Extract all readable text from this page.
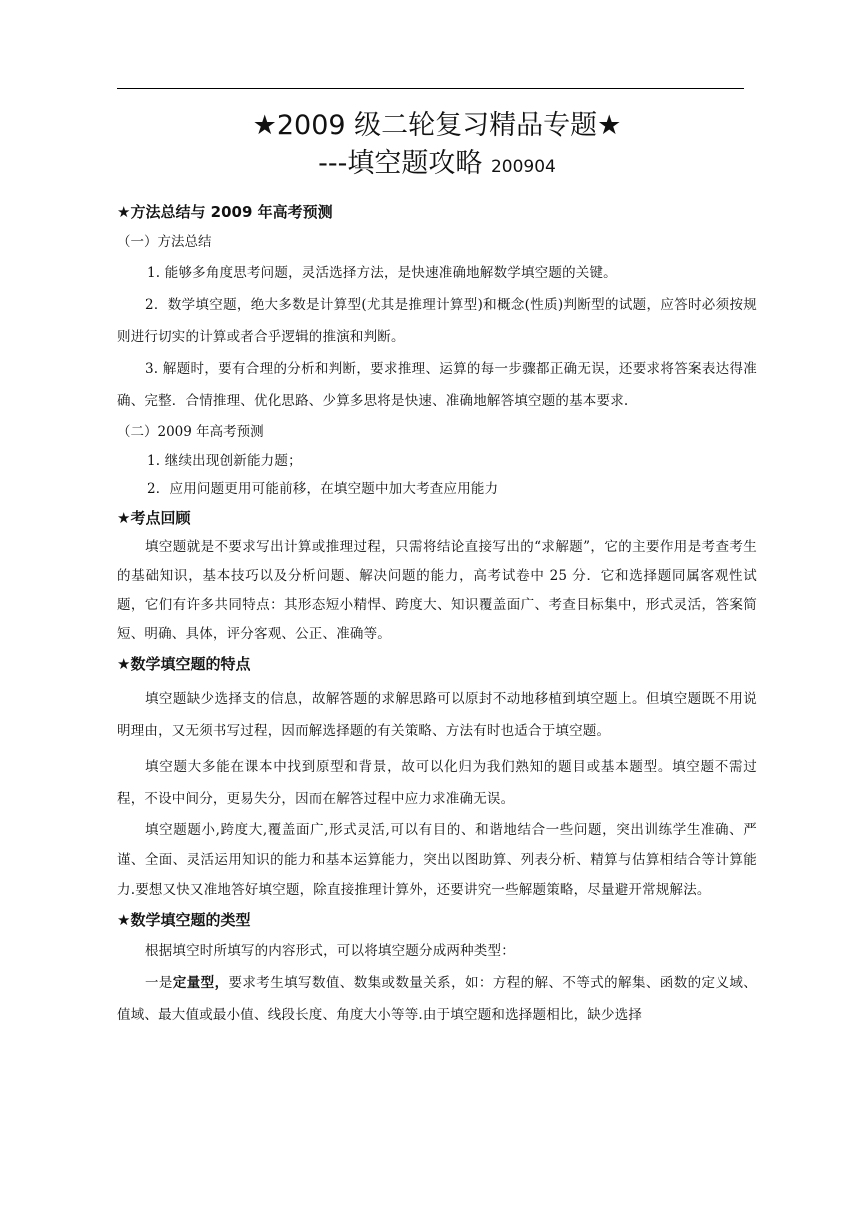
★2009 级二轮复习精品专题★
---填空题攻略 200904
★方法总结与 2009 年高考预测
（一）方法总结

1. 能够多角度思考问题，灵活选择方法，是快速准确地解数学填空题的关键。

2．数学填空题，绝大多数是计算型(尤其是推理计算型)和概念(性质)判断型的试题，应答时必须按规则进行切实的计算或者合乎逻辑的推演和判断。

3. 解题时，要有合理的分析和判断，要求推理、运算的每一步骤都正确无误，还要求将答案表达得准确、完整．合情推理、优化思路、少算多思将是快速、准确地解答填空题的基本要求.

（二）2009 年高考预测

1. 继续出现创新能力题；

2．应用问题更用可能前移，在填空题中加大考查应用能力

★考点回顾

填空题就是不要求写出计算或推理过程，只需将结论直接写出的“求解题”，它的主要作用是考查考生的基础知识，基本技巧以及分析问题、解决问题的能力，高考试卷中 25 分．它和选择题同属客观性试题，它们有许多共同特点：其形态短小精悍、跨度大、知识覆盖面广、考查目标集中，形式灵活，答案简短、明确、具体，评分客观、公正、准确等。

★数学填空题的特点

填空题缺少选择支的信息，故解答题的求解思路可以原封不动地移植到填空题上。但填空题既不用说明理由，又无须书写过程，因而解选择题的有关策略、方法有时也适合于填空题。

填空题大多能在课本中找到原型和背景，故可以化归为我们熟知的题目或基本题型。填空题不需过程，不设中间分，更易失分，因而在解答过程中应力求准确无误。

填空题题小,跨度大,覆盖面广,形式灵活,可以有目的、和谐地结合一些问题，突出训练学生准确、严谨、全面、灵活运用知识的能力和基本运算能力，突出以图助算、列表分析、精算与估算相结合等计算能力.要想又快又准地答好填空题，除直接推理计算外，还要讲究一些解题策略，尽量避开常规解法。

★数学填空题的类型

根据填空时所填写的内容形式，可以将填空题分成两种类型：

一是定量型，要求考生填写数值、数集或数量关系，如：方程的解、不等式的解集、函数的定义域、值域、最大值或最小值、线段长度、角度大小等等.由于填空题和选择题相比，缺少选择
